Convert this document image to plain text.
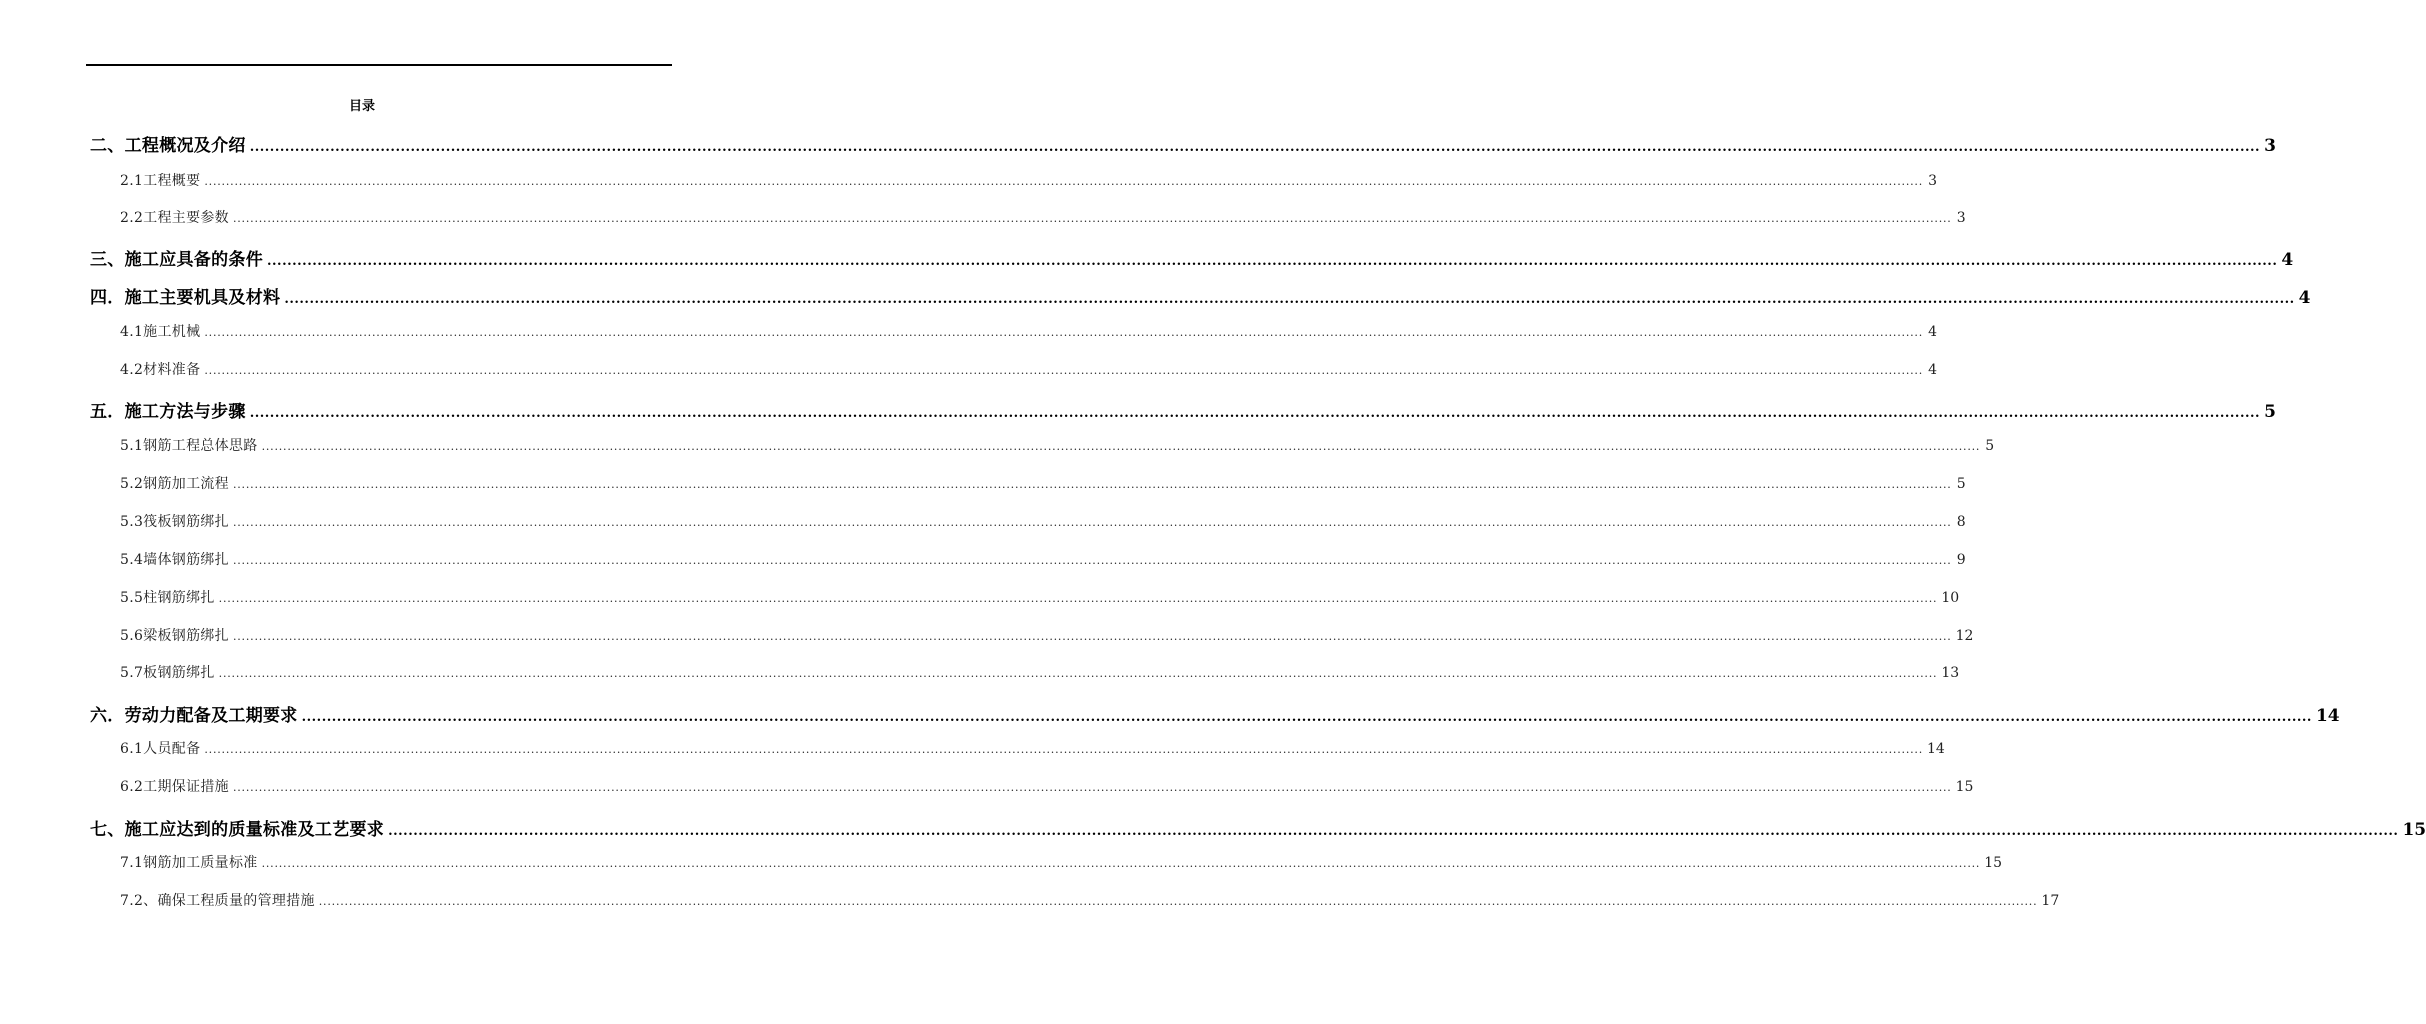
目录
二、工程概况及介绍 ................................................................................................................................................................................................................................................................................................................................................................................................................ 3
2.1工程概要 ................................................................................................................................................................................................................................................................................................................................................................................................................ 3
2.2工程主要参数 ................................................................................................................................................................................................................................................................................................................................................................................................................ 3
三、施工应具备的条件 ................................................................................................................................................................................................................................................................................................................................................................................................................ 4
四．施工主要机具及材料 ................................................................................................................................................................................................................................................................................................................................................................................................................ 4
4.1施工机械 ................................................................................................................................................................................................................................................................................................................................................................................................................ 4
4.2材料准备 ................................................................................................................................................................................................................................................................................................................................................................................................................ 4
五．施工方法与步骤 ................................................................................................................................................................................................................................................................................................................................................................................................................ 5
5.1钢筋工程总体思路 ................................................................................................................................................................................................................................................................................................................................................................................................................ 5
5.2钢筋加工流程 ................................................................................................................................................................................................................................................................................................................................................................................................................ 5
5.3筏板钢筋绑扎 ................................................................................................................................................................................................................................................................................................................................................................................................................ 8
5.4墙体钢筋绑扎 ................................................................................................................................................................................................................................................................................................................................................................................................................ 9
5.5柱钢筋绑扎 ................................................................................................................................................................................................................................................................................................................................................................................................................ 10
5.6梁板钢筋绑扎 ................................................................................................................................................................................................................................................................................................................................................................................................................ 12
5.7板钢筋绑扎 ................................................................................................................................................................................................................................................................................................................................................................................................................ 13
六．劳动力配备及工期要求 ................................................................................................................................................................................................................................................................................................................................................................................................................ 14
6.1人员配备 ................................................................................................................................................................................................................................................................................................................................................................................................................ 14
6.2工期保证措施 ................................................................................................................................................................................................................................................................................................................................................................................................................ 15
七、施工应达到的质量标准及工艺要求 ................................................................................................................................................................................................................................................................................................................................................................................................................ 15
7.1钢筋加工质量标准 ................................................................................................................................................................................................................................................................................................................................................................................................................ 15
7.2、确保工程质量的管理措施 ................................................................................................................................................................................................................................................................................................................................................................................................................ 17
